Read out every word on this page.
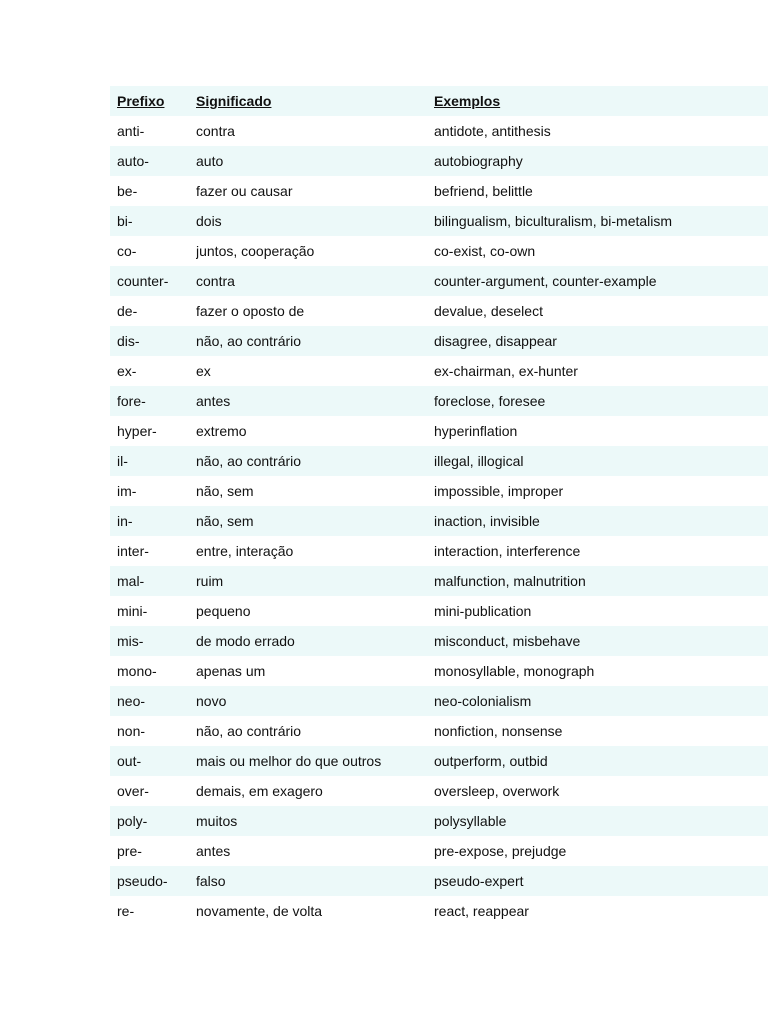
Prefixo	Significado	Exemplos
anti-	contra	antidote, antithesis
auto-	auto	autobiography
be-	fazer ou causar	befriend, belittle
bi-	dois	bilingualism, biculturalism, bi-metalism
co-	juntos, cooperação	co-exist, co-own
counter-	contra	counter-argument, counter-example
de-	fazer o oposto de	devalue, deselect
dis-	não, ao contrário	disagree, disappear
ex-	ex	ex-chairman, ex-hunter
fore-	antes	foreclose, foresee
hyper-	extremo	hyperinflation
il-	não, ao contrário	illegal, illogical
im-	não, sem	impossible, improper
in-	não, sem	inaction, invisible
inter-	entre, interação	interaction, interference
mal-	ruim	malfunction, malnutrition
mini-	pequeno	mini-publication
mis-	de modo errado	misconduct, misbehave
mono-	apenas um	monosyllable, monograph
neo-	novo	neo-colonialism
non-	não, ao contrário	nonfiction, nonsense
out-	mais ou melhor do que outros	outperform, outbid
over-	demais, em exagero	oversleep, overwork
poly-	muitos	polysyllable
pre-	antes	pre-expose, prejudge
pseudo-	falso	pseudo-expert
re-	novamente, de volta	react, reappear
